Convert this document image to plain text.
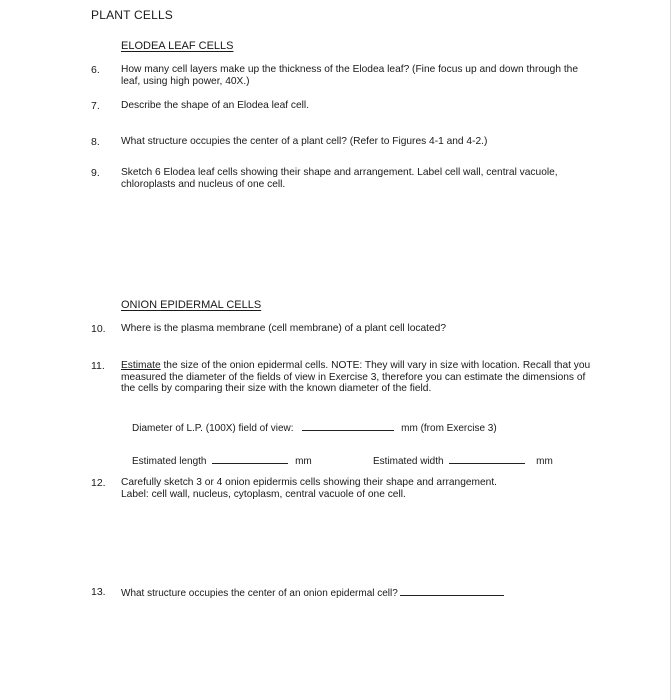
PLANT CELLS
ELODEA LEAF CELLS
6. How many cell layers make up the thickness of the Elodea leaf? (Fine focus up and down through the leaf, using high power, 40X.)
7. Describe the shape of an Elodea leaf cell.
8. What structure occupies the center of a plant cell? (Refer to Figures 4-1 and 4-2.)
9. Sketch 6 Elodea leaf cells showing their shape and arrangement. Label cell wall, central vacuole, chloroplasts and nucleus of one cell.
ONION EPIDERMAL CELLS
10. Where is the plasma membrane (cell membrane) of a plant cell located?
11. Estimate the size of the onion epidermal cells. NOTE: They will vary in size with location. Recall that you measured the diameter of the fields of view in Exercise 3, therefore you can estimate the dimensions of the cells by comparing their size with the known diameter of the field.
Diameter of L.P. (100X) field of view:	mm (from Exercise 3)
Estimated length	mm	Estimated width	mm
12. Carefully sketch 3 or 4 onion epidermis cells showing their shape and arrangement.
Label: cell wall, nucleus, cytoplasm, central vacuole of one cell.
13. What structure occupies the center of an onion epidermal cell?
